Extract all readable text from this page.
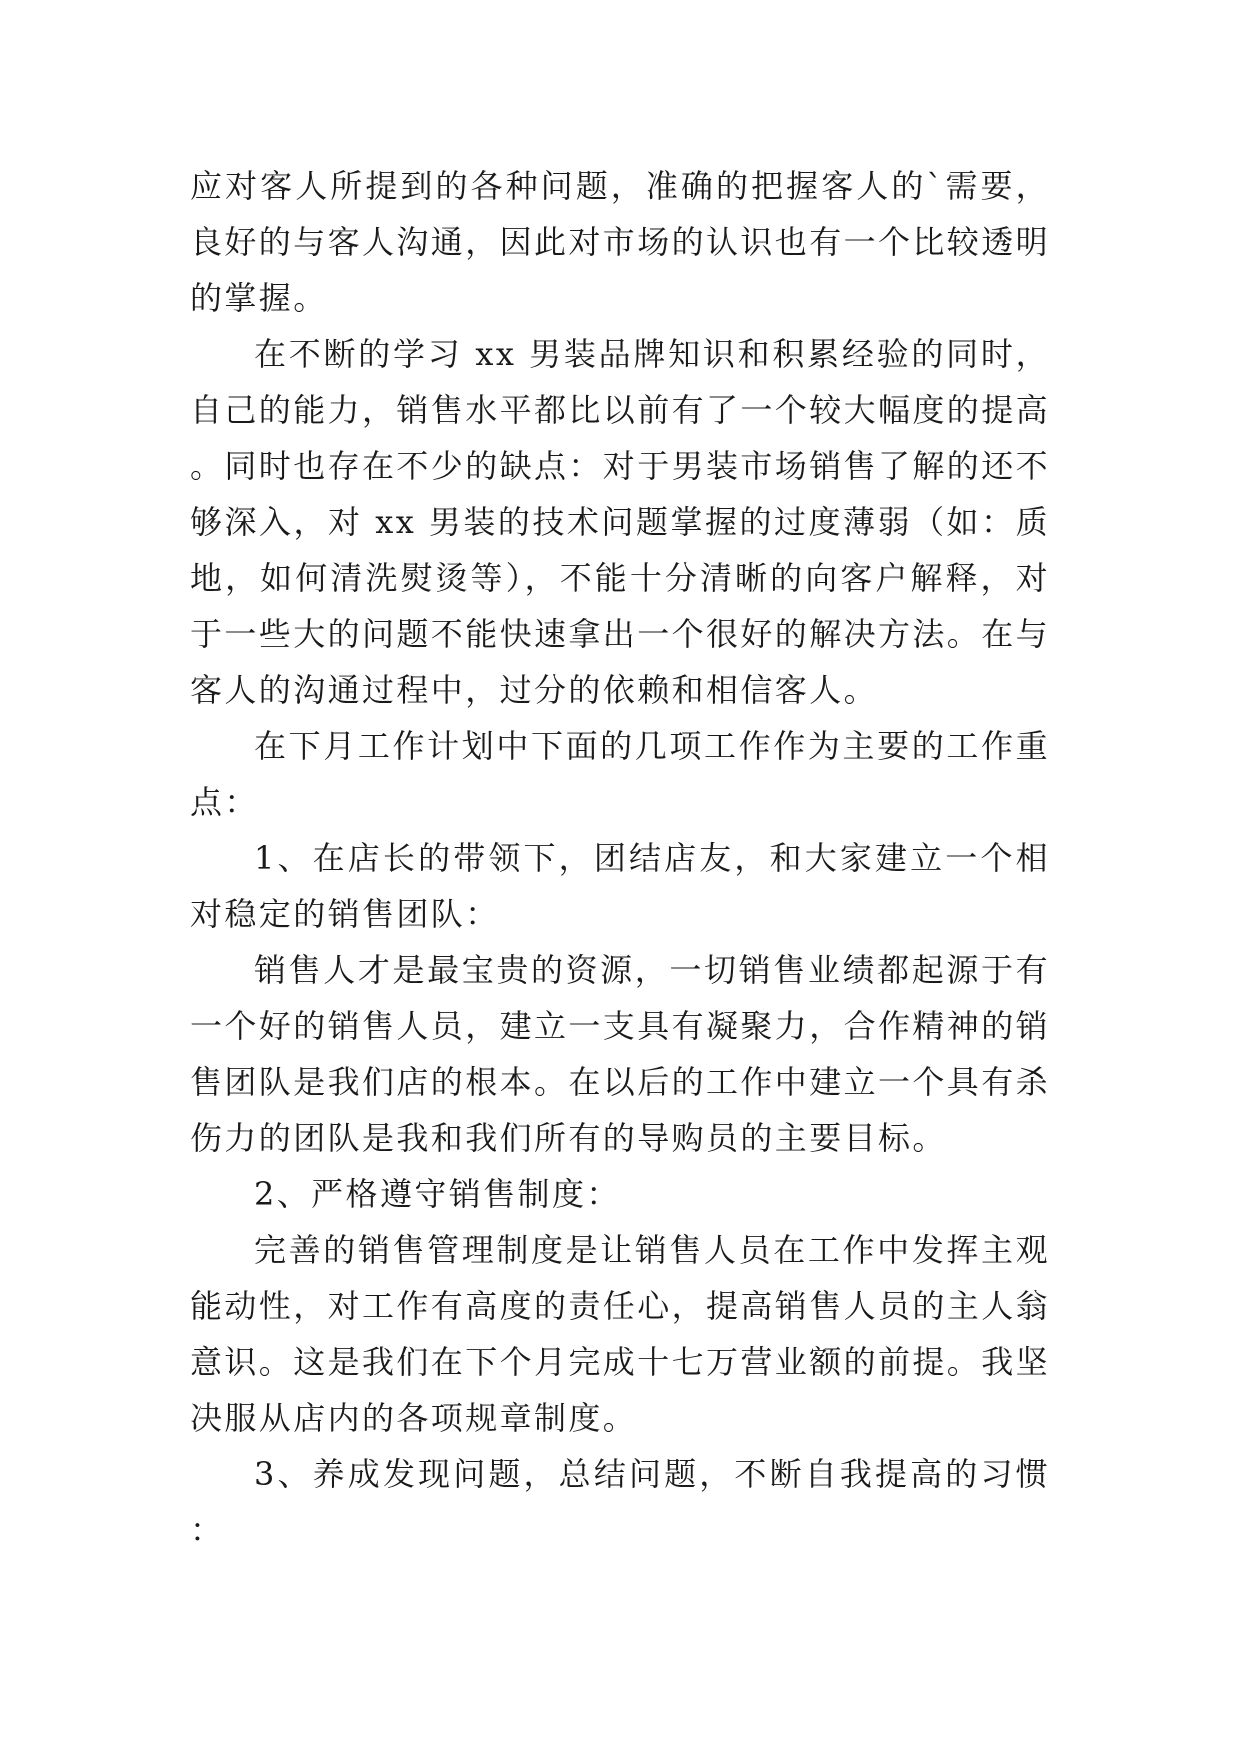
应对客人所提到的各种问题，准确的把握客人的`需要，良好的与客人沟通，因此对市场的认识也有一个比较透明的掌握。

在不断的学习 xx 男装品牌知识和积累经验的同时，自己的能力，销售水平都比以前有了一个较大幅度的提高。同时也存在不少的缺点：对于男装市场销售了解的还不够深入，对 xx 男装的技术问题掌握的过度薄弱（如：质地，如何清洗熨烫等），不能十分清晰的向客户解释，对于一些大的问题不能快速拿出一个很好的解决方法。在与客人的沟通过程中，过分的依赖和相信客人。

在下月工作计划中下面的几项工作作为主要的工作重点：

1、在店长的带领下，团结店友，和大家建立一个相对稳定的销售团队：

销售人才是最宝贵的资源，一切销售业绩都起源于有一个好的销售人员，建立一支具有凝聚力，合作精神的销售团队是我们店的根本。在以后的工作中建立一个具有杀伤力的团队是我和我们所有的导购员的主要目标。

2、严格遵守销售制度：

完善的销售管理制度是让销售人员在工作中发挥主观能动性，对工作有高度的责任心，提高销售人员的主人翁意识。这是我们在下个月完成十七万营业额的前提。我坚决服从店内的各项规章制度。

3、养成发现问题，总结问题，不断自我提高的习惯：
